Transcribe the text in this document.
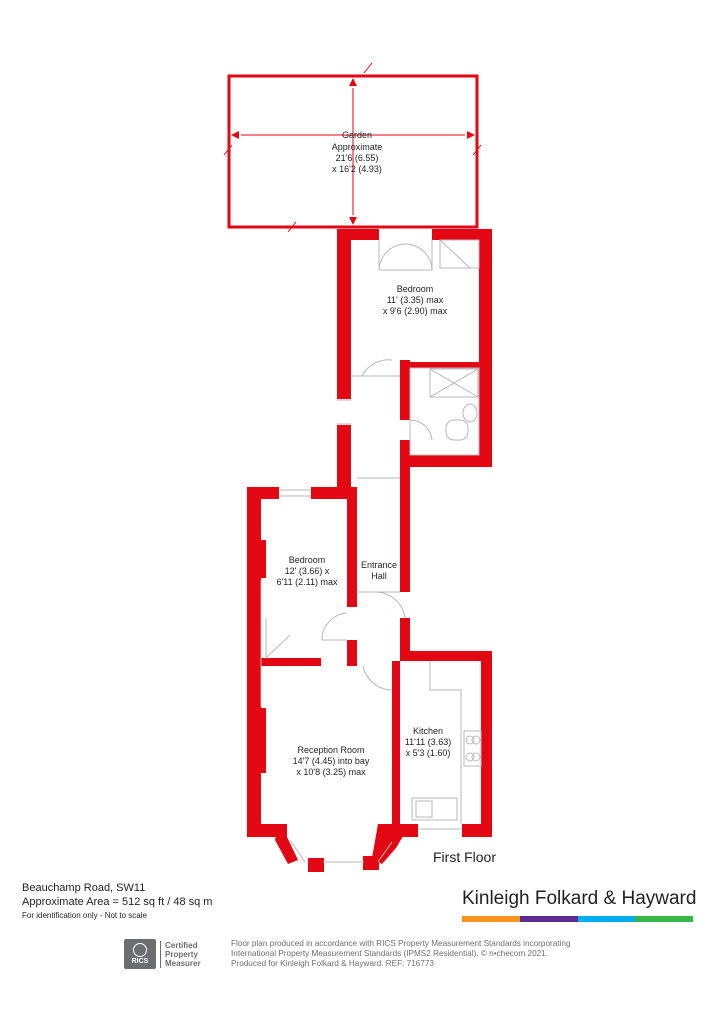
Garden
Approximate
21'6 (6.55)
x 16'2 (4.93)
Bedroom
11' (3.35) max
x 9'6 (2.90) max
Bedroom
12' (3.66) x
6'11 (2.11) max
Entrance
Hall
Kitchen
11'11 (3.63)
x 5'3 (1.60)
Reception Room
14'7 (4.45) into bay
x 10'8 (3.25) max
First Floor
Beauchamp Road, SW11
Approximate Area = 512 sq ft / 48 sq m
For identification only - Not to scale
Kinleigh Folkard & Hayward
RICS
Certified
Property
Measurer
Floor plan produced in accordance with RICS Property Measurement Standards incorporating
International Property Measurement Standards (IPMS2 Residential). © n•checom 2021.
Produced for Kinleigh Folkard & Hayward. REF: 716773
